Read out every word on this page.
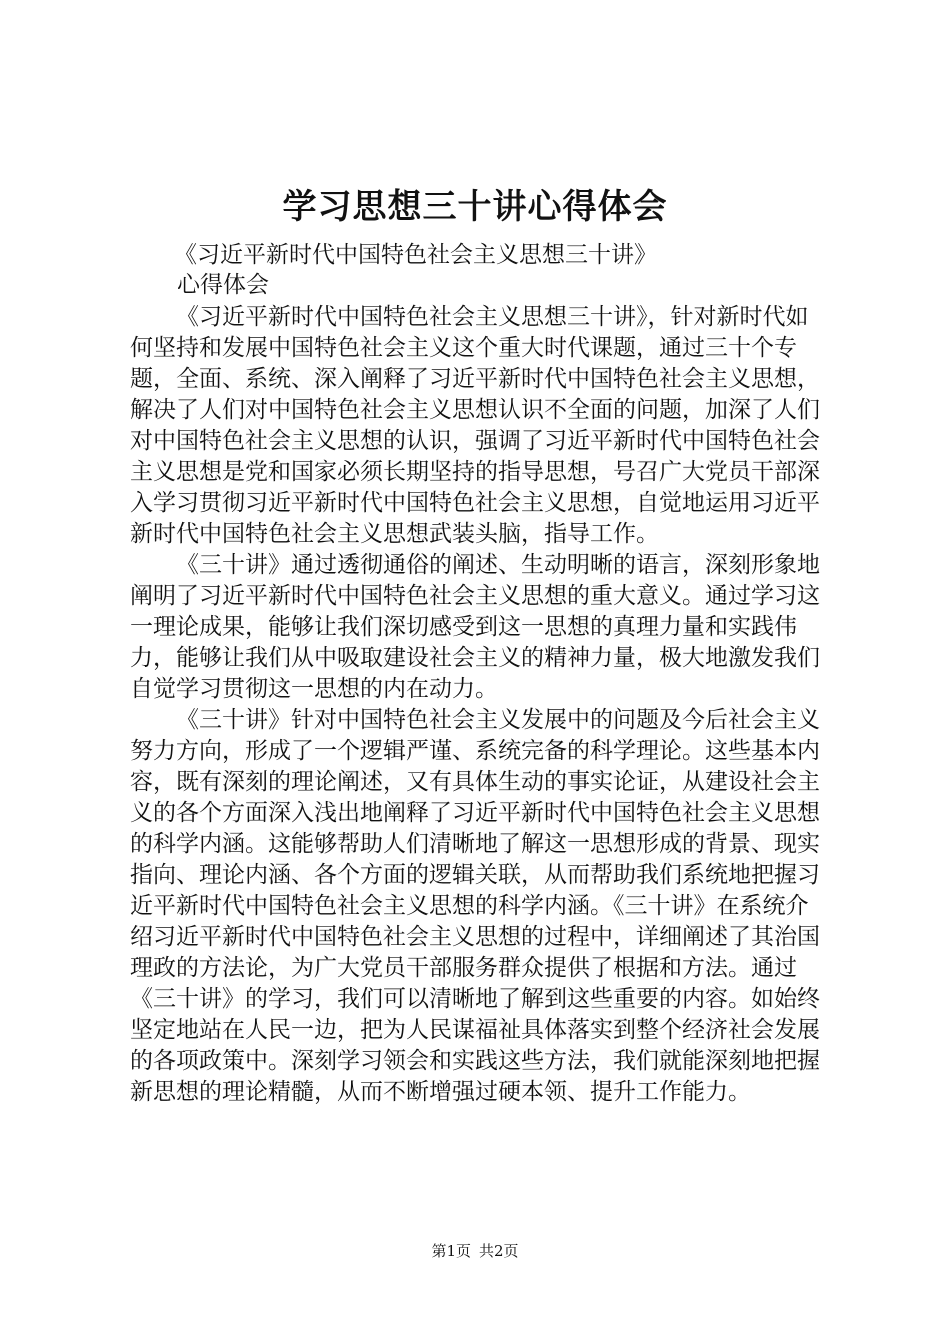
学习思想三十讲心得体会
《习近平新时代中国特色社会主义思想三十讲》
心得体会

《习近平新时代中国特色社会主义思想三十讲》，针对新时代如何坚持和发展中国特色社会主义这个重大时代课题，通过三十个专题，全面、系统、深入阐释了习近平新时代中国特色社会主义思想，解决了人们对中国特色社会主义思想认识不全面的问题，加深了人们对中国特色社会主义思想的认识，强调了习近平新时代中国特色社会主义思想是党和国家必须长期坚持的指导思想，号召广大党员干部深入学习贯彻习近平新时代中国特色社会主义思想，自觉地运用习近平新时代中国特色社会主义思想武装头脑，指导工作。

《三十讲》通过透彻通俗的阐述、生动明晰的语言，深刻形象地阐明了习近平新时代中国特色社会主义思想的重大意义。通过学习这一理论成果，能够让我们深切感受到这一思想的真理力量和实践伟力，能够让我们从中吸取建设社会主义的精神力量，极大地激发我们自觉学习贯彻这一思想的内在动力。

《三十讲》针对中国特色社会主义发展中的问题及今后社会主义努力方向，形成了一个逻辑严谨、系统完备的科学理论。这些基本内容，既有深刻的理论阐述，又有具体生动的事实论证，从建设社会主义的各个方面深入浅出地阐释了习近平新时代中国特色社会主义思想的科学内涵。这能够帮助人们清晰地了解这一思想形成的背景、现实指向、理论内涵、各个方面的逻辑关联，从而帮助我们系统地把握习近平新时代中国特色社会主义思想的科学内涵。《三十讲》在系统介绍习近平新时代中国特色社会主义思想的过程中，详细阐述了其治国理政的方法论，为广大党员干部服务群众提供了根据和方法。通过《三十讲》的学习，我们可以清晰地了解到这些重要的内容。如始终坚定地站在人民一边，把为人民谋福祉具体落实到整个经济社会发展的各项政策中。深刻学习领会和实践这些方法，我们就能深刻地把握新思想的理论精髓，从而不断增强过硬本领、提升工作能力。

第1页 共2页
